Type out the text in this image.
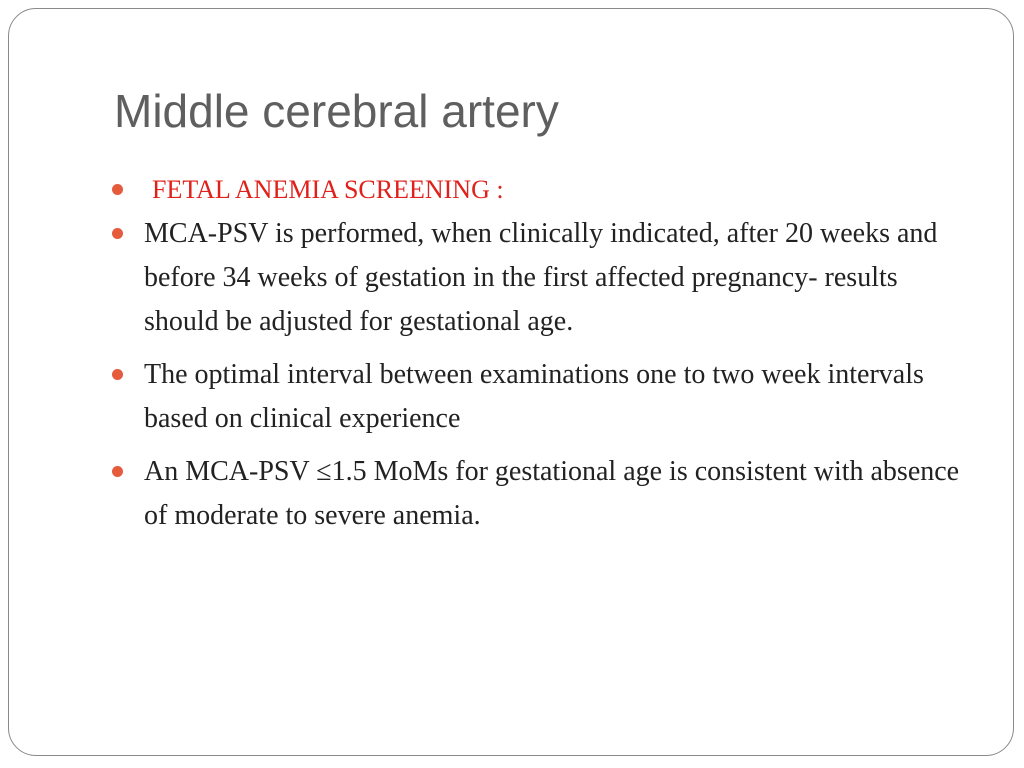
Middle cerebral artery
FETAL ANEMIA SCREENING :
MCA-PSV is performed, when clinically indicated, after 20 weeks and before 34 weeks of gestation in the first affected pregnancy- results should be adjusted for gestational age.
The optimal interval between examinations one to two week intervals based on clinical experience
An MCA-PSV ≤1.5 MoMs for gestational age is consistent with absence of moderate to severe anemia.
